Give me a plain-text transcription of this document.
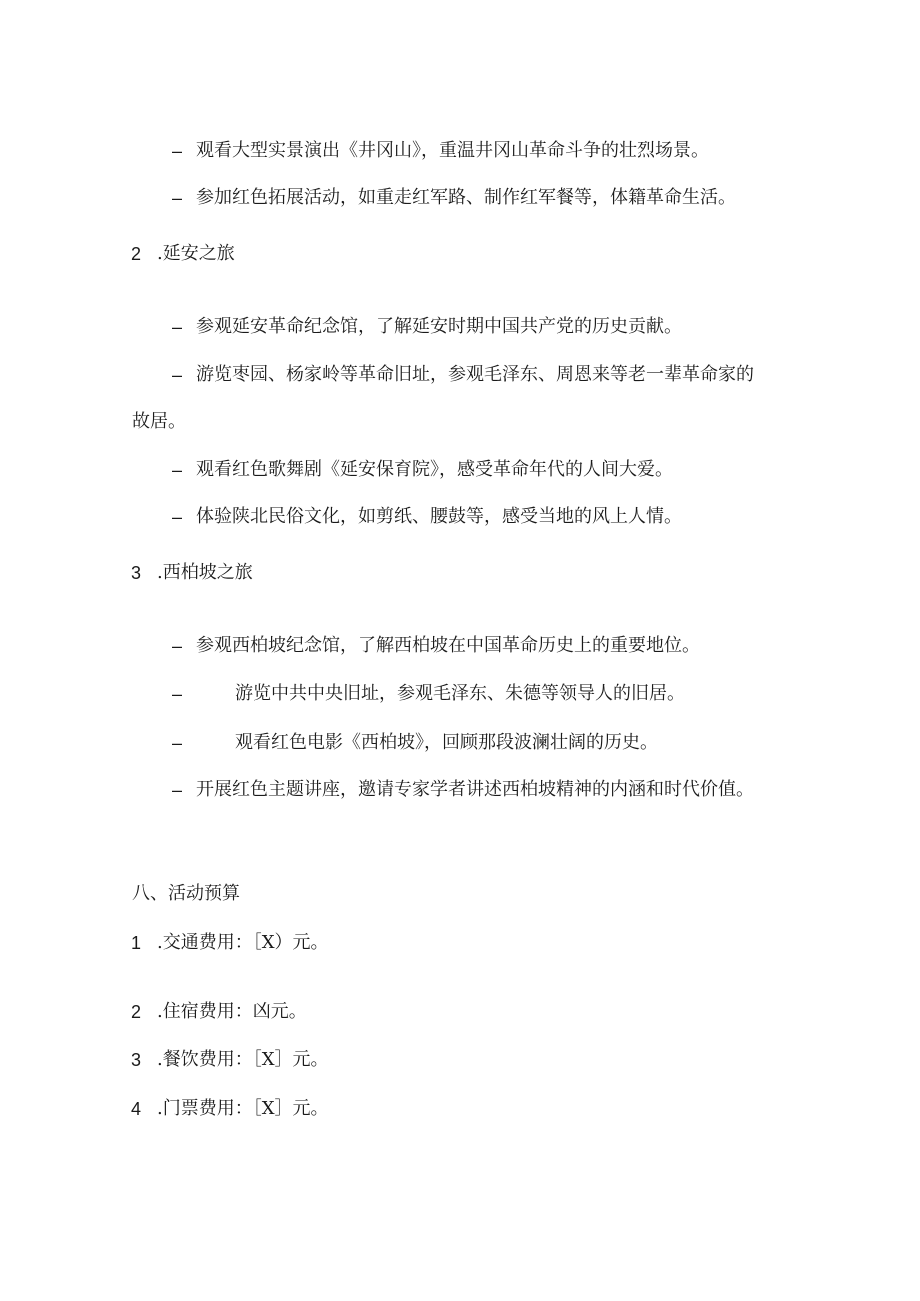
– 观看大型实景演出《井冈山》，重温井冈山革命斗争的壮烈场景。
– 参加红色拓展活动，如重走红军路、制作红军餐等，体籍革命生活。
2 .延安之旅
– 参观延安革命纪念馆，了解延安时期中国共产党的历史贡献。
– 游览枣园、杨家岭等革命旧址，参观毛泽东、周恩来等老一辈革命家的
故居。
– 观看红色歌舞剧《延安保育院》，感受革命年代的人间大爱。
– 体验陕北民俗文化，如剪纸、腰鼓等，感受当地的风上人情。
3 .西柏坡之旅
– 参观西柏坡纪念馆，了解西柏坡在中国革命历史上的重要地位。
–	游览中共中央旧址，参观毛泽东、朱德等领导人的旧居。
–	观看红色电影《西柏坡》，回顾那段波澜壮阔的历史。
– 开展红色主题讲座，邀请专家学者讲述西柏坡精神的内涵和时代价值。
八、活动预算
1 .交通费用：［X）元。
2 .住宿费用：凶元。
3 .餐饮费用：［X］元。
4 .门票费用：［X］元。
